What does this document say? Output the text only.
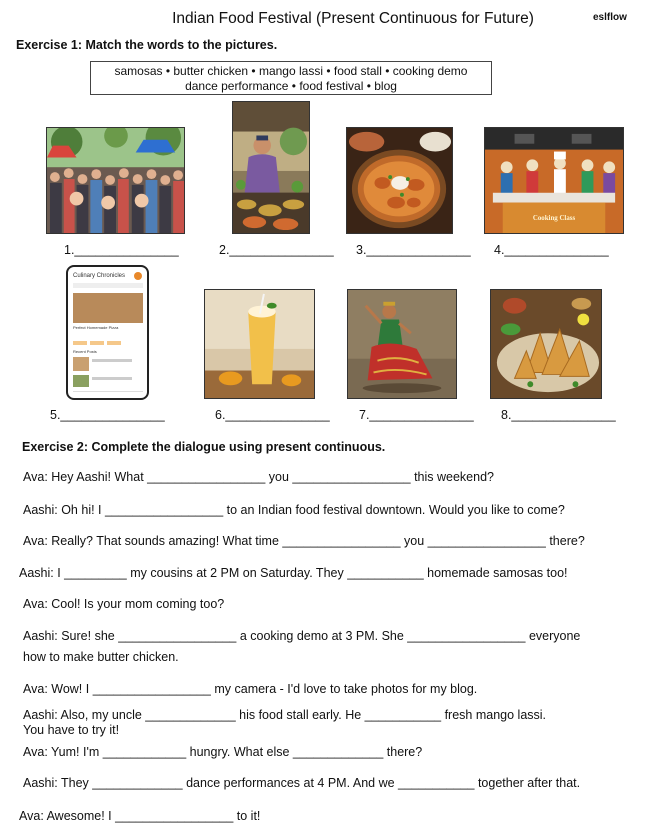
Indian Food Festival (Present Continuous for Future)	eslflow
Exercise 1: Match the words to the pictures.
samosas • butter chicken • mango lassi • food stall • cooking demo
dance performance • food festival • blog
Cooking Class
Culinary Chronicles
Perfect Homemade Pizza
Recent Posts
1._______________	2._______________ 3._______________ 4._______________
5._______________	6._______________ 7._______________ 8._______________
Exercise 2: Complete the dialogue using present continuous.
Ava: Hey Aashi! What _________________ you _________________ this weekend?
Aashi: Oh hi! I _________________ to an Indian food festival downtown. Would you like to come?
Ava: Really? That sounds amazing! What time _________________ you _________________ there?
Aashi: I _________ my cousins at 2 PM on Saturday. They ___________ homemade samosas too!
Ava: Cool! Is your mom coming too?
Aashi: Sure! she _________________ a cooking demo at 3 PM. She _________________ everyone
how to make butter chicken.
Ava: Wow! I _________________ my camera - I'd love to take photos for my blog.
Aashi: Also, my uncle _____________ his food stall early. He ___________ fresh mango lassi.
You have to try it!
Ava: Yum! I'm ____________ hungry. What else _____________ there?
Aashi: They _____________ dance performances at 4 PM. And we ___________ together after that.
Ava: Awesome! I _________________ to it!
